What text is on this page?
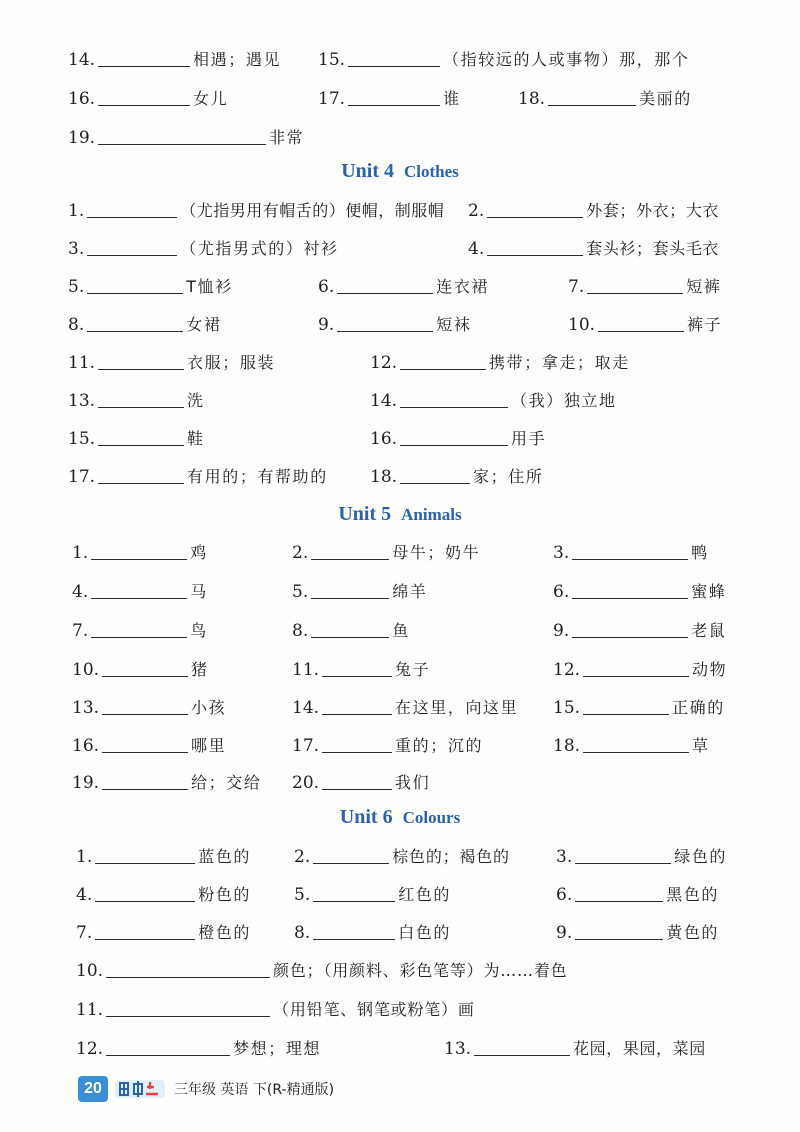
14.	相遇；遇见 15.	（指较远的人或事物）那，那个
16.	女儿	17.	谁	18.	美丽的
19.	非常
Unit 4 Clothes
1.	（尤指男用有帽舌的）便帽，制服帽 2.	外套；外衣；大衣
3.	（尤指男式的）衬衫	4.	套头衫；套头毛衣
5.	T恤衫	6.	连衣裙	7.	短裤
8.	女裙	9.	短袜	10.	裤子
11.	衣服；服装	12.	携带；拿走；取走
13.	洗	14.	（我）独立地
15.	鞋	16.	用手
17.	有用的；有帮助的 18.	家；住所
Unit 5 Animals
1.	鸡	2.	母牛；奶牛	3.	鸭
4.	马	5.	绵羊	6.	蜜蜂
7.	鸟	8.	鱼	9.	老鼠
10.	猪	11.	兔子	12.	动物
13.	小孩	14.	在这里，向这里 15.	正确的
16.	哪里	17.	重的；沉的	18.	草
19.	给；交给 20.	我们
Unit 6 Colours
1.	蓝色的	2.	棕色的；褐色的	3.	绿色的
4.	粉色的	5.	红色的	6.	黑色的
7.	橙色的	8.	白色的	9.	黄色的
10.	颜色；（用颜料、彩色笔等）为……着色
11.	（用铅笔、钢笔或粉笔）画
12.	梦想；理想	13.	花园，果园，菜园
20	三年级 英语 下(R-精通版)
